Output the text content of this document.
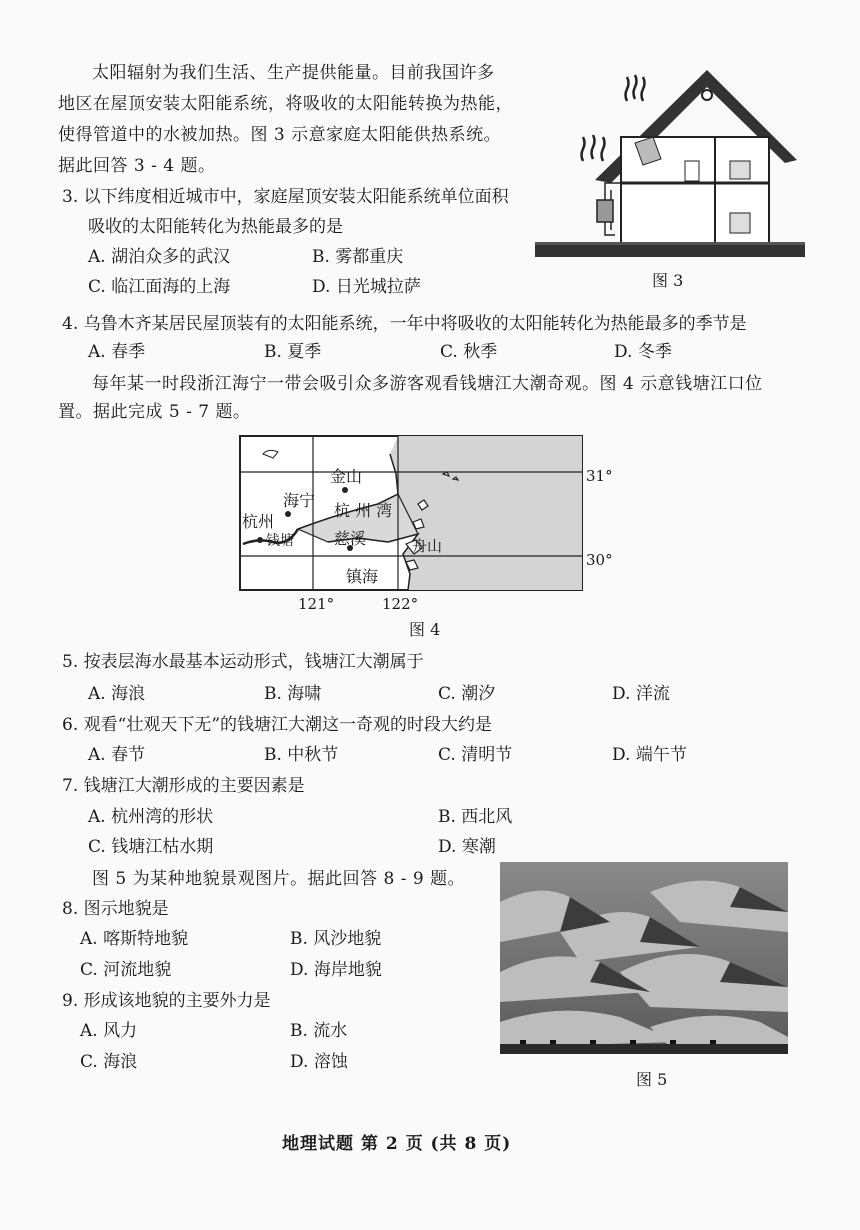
太阳辐射为我们生活、生产提供能量。目前我国许多
地区在屋顶安装太阳能系统，将吸收的太阳能转换为热能，
使得管道中的水被加热。图 3 示意家庭太阳能供热系统。
据此回答 3 - 4 题。
3. 以下纬度相近城市中，家庭屋顶安装太阳能系统单位面积
吸收的太阳能转化为热能最多的是
A. 湖泊众多的武汉	B. 雾都重庆
C. 临江面海的上海	D. 日光城拉萨	图 3
4. 乌鲁木齐某居民屋顶装有的太阳能系统，一年中将吸收的太阳能转化为热能最多的季节是
A. 春季	B. 夏季	C. 秋季	D. 冬季
每年某一时段浙江海宁一带会吸引众多游客观看钱塘江大潮奇观。图 4 示意钱塘江口位
置。据此完成 5 - 7 题。
金山
海宁
杭 州 湾
杭州
钱塘	慈溪	舟山
镇海
31°
30°
121°	122°
图 4
5. 按表层海水最基本运动形式，钱塘江大潮属于
A. 海浪	B. 海啸	C. 潮汐	D. 洋流
6. 观看“壮观天下无”的钱塘江大潮这一奇观的时段大约是
A. 春节	B. 中秋节	C. 清明节	D. 端午节
7. 钱塘江大潮形成的主要因素是
A. 杭州湾的形状	B. 西北风
C. 钱塘江枯水期	D. 寒潮
图 5 为某种地貌景观图片。据此回答 8 - 9 题。
8. 图示地貌是
A. 喀斯特地貌	B. 风沙地貌
C. 河流地貌	D. 海岸地貌
9. 形成该地貌的主要外力是
A. 风力	B. 流水
C. 海浪	D. 溶蚀
图 5
地理试题 第 2 页 (共 8 页)
